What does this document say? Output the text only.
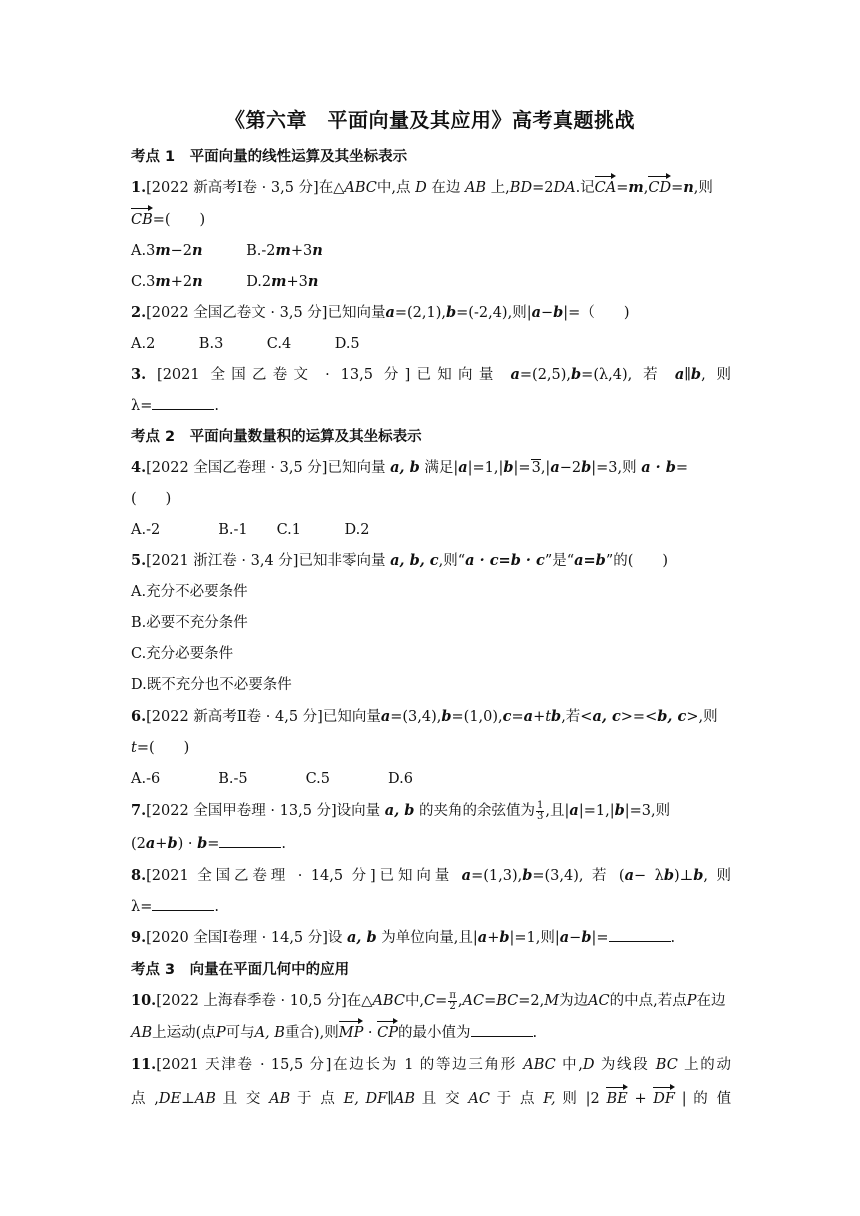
《第六章　平面向量及其应用》高考真题挑战
考点 1　平面向量的线性运算及其坐标表示
1.[2022 新高考Ⅰ卷 · 3,5 分]在△ABC中,点 D 在边 AB 上,BD=2DA.记CA=m,CD=n,则
CB=(　　)
A.3m−2n　　　	B.-2m+3n
C.3m+2n　　　	D.2m+3n
2.[2022 全国乙卷文 · 3,5 分]已知向量a=(2,1),b=(-2,4),则|a−b|=（　　)
A.2　　　B.3　　　C.4　　　D.5
3. [2021 全国乙卷文 · 13,5 分]已知向量 a=(2,5),b=(λ,4), 若 a∥b, 则
λ=	.
考点 2　平面向量数量积的运算及其坐标表示
4.[2022 全国乙卷理 · 3,5 分]已知向量 a, b 满足|a|=1,|b|=3,|a−2b|=3,则 a · b=
(　　)
A.-2　　　　B.-1　　C.1　　　D.2
5.[2021 浙江卷 · 3,4 分]已知非零向量 a, b, c,则“a · c=b · c”是“a=b”的(　　)
A.充分不必要条件
B.必要不充分条件
C.充分必要条件
D.既不充分也不必要条件
6.[2022 新高考Ⅱ卷 · 4,5 分]已知向量a=(3,4),b=(1,0),c=a+tb,若<a, c>=<b, c>,则
t=(　　)
A.-6　　　　B.-5　　　　C.5　　　　D.6
7.[2022 全国甲卷理 · 13,5 分]设向量 a, b 的夹角的余弦值为 $\frac{1}{3}$ ,且|a|=1,|b|=3,则
(2a+b) · b=	.
8.[2021 全国乙卷理 · 14,5 分]已知向量 a=(1,3),b=(3,4), 若 (a− λb)⊥b, 则
λ=	.
9.[2020 全国Ⅰ卷理 · 14,5 分]设 a, b 为单位向量,且|a+b|=1,则|a−b|=	.
考点 3　向量在平面几何中的应用
10.[2022 上海春季卷 · 10,5 分]在△ABC中$,C= \frac{\pi}{2} ,AC=BC=2,M$为边AC的中点,若点P在边
AB上运动(点P可与A, B重合),则MP · CP的最小值为	.
11.[2021 天津卷 · 15,5 分]在边长为 1 的等边三角形 ABC 中,D 为线段 BC 上的动
点 ,DE⊥AB 且 交 AB 于 点 E, DF∥AB 且 交 AC 于 点 F, 则 |2 BE + DF | 的 值
